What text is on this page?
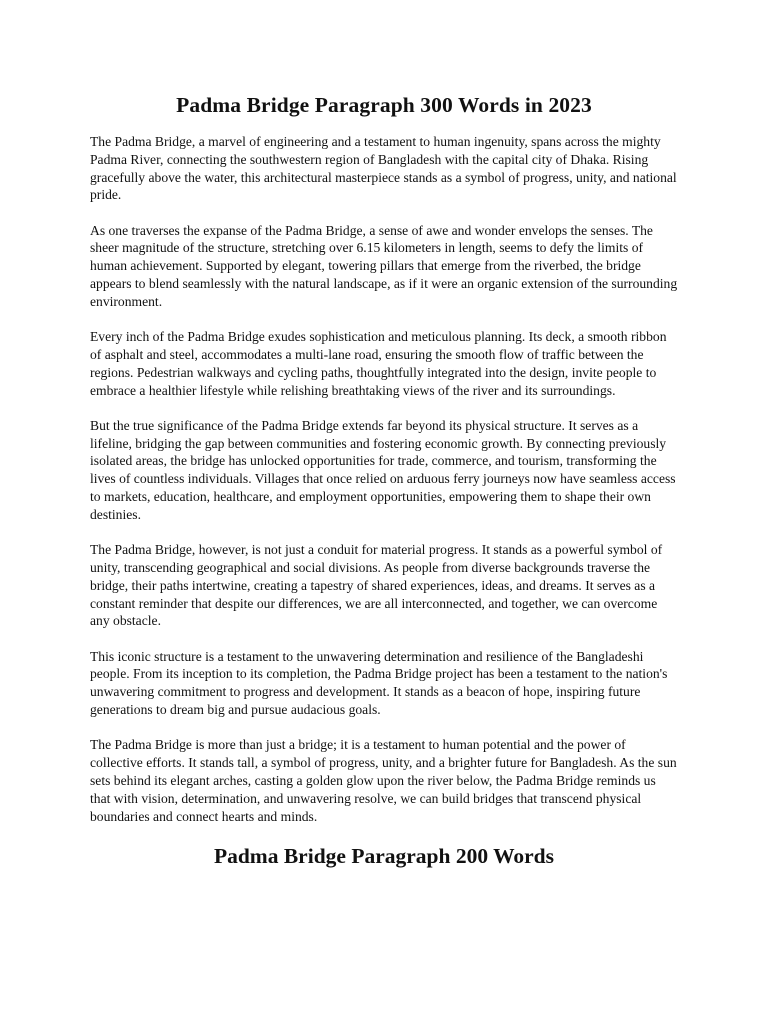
Padma Bridge Paragraph 300 Words in 2023

The Padma Bridge, a marvel of engineering and a testament to human ingenuity, spans across the mighty Padma River, connecting the southwestern region of Bangladesh with the capital city of Dhaka. Rising gracefully above the water, this architectural masterpiece stands as a symbol of progress, unity, and national pride.

As one traverses the expanse of the Padma Bridge, a sense of awe and wonder envelops the senses. The sheer magnitude of the structure, stretching over 6.15 kilometers in length, seems to defy the limits of human achievement. Supported by elegant, towering pillars that emerge from the riverbed, the bridge appears to blend seamlessly with the natural landscape, as if it were an organic extension of the surrounding environment.

Every inch of the Padma Bridge exudes sophistication and meticulous planning. Its deck, a smooth ribbon of asphalt and steel, accommodates a multi-lane road, ensuring the smooth flow of traffic between the regions. Pedestrian walkways and cycling paths, thoughtfully integrated into the design, invite people to embrace a healthier lifestyle while relishing breathtaking views of the river and its surroundings.

But the true significance of the Padma Bridge extends far beyond its physical structure. It serves as a lifeline, bridging the gap between communities and fostering economic growth. By connecting previously isolated areas, the bridge has unlocked opportunities for trade, commerce, and tourism, transforming the lives of countless individuals. Villages that once relied on arduous ferry journeys now have seamless access to markets, education, healthcare, and employment opportunities, empowering them to shape their own destinies.

The Padma Bridge, however, is not just a conduit for material progress. It stands as a powerful symbol of unity, transcending geographical and social divisions. As people from diverse backgrounds traverse the bridge, their paths intertwine, creating a tapestry of shared experiences, ideas, and dreams. It serves as a constant reminder that despite our differences, we are all interconnected, and together, we can overcome any obstacle.

This iconic structure is a testament to the unwavering determination and resilience of the Bangladeshi people. From its inception to its completion, the Padma Bridge project has been a testament to the nation's unwavering commitment to progress and development. It stands as a beacon of hope, inspiring future generations to dream big and pursue audacious goals.

The Padma Bridge is more than just a bridge; it is a testament to human potential and the power of collective efforts. It stands tall, a symbol of progress, unity, and a brighter future for Bangladesh. As the sun sets behind its elegant arches, casting a golden glow upon the river below, the Padma Bridge reminds us that with vision, determination, and unwavering resolve, we can build bridges that transcend physical boundaries and connect hearts and minds.

Padma Bridge Paragraph 200 Words
